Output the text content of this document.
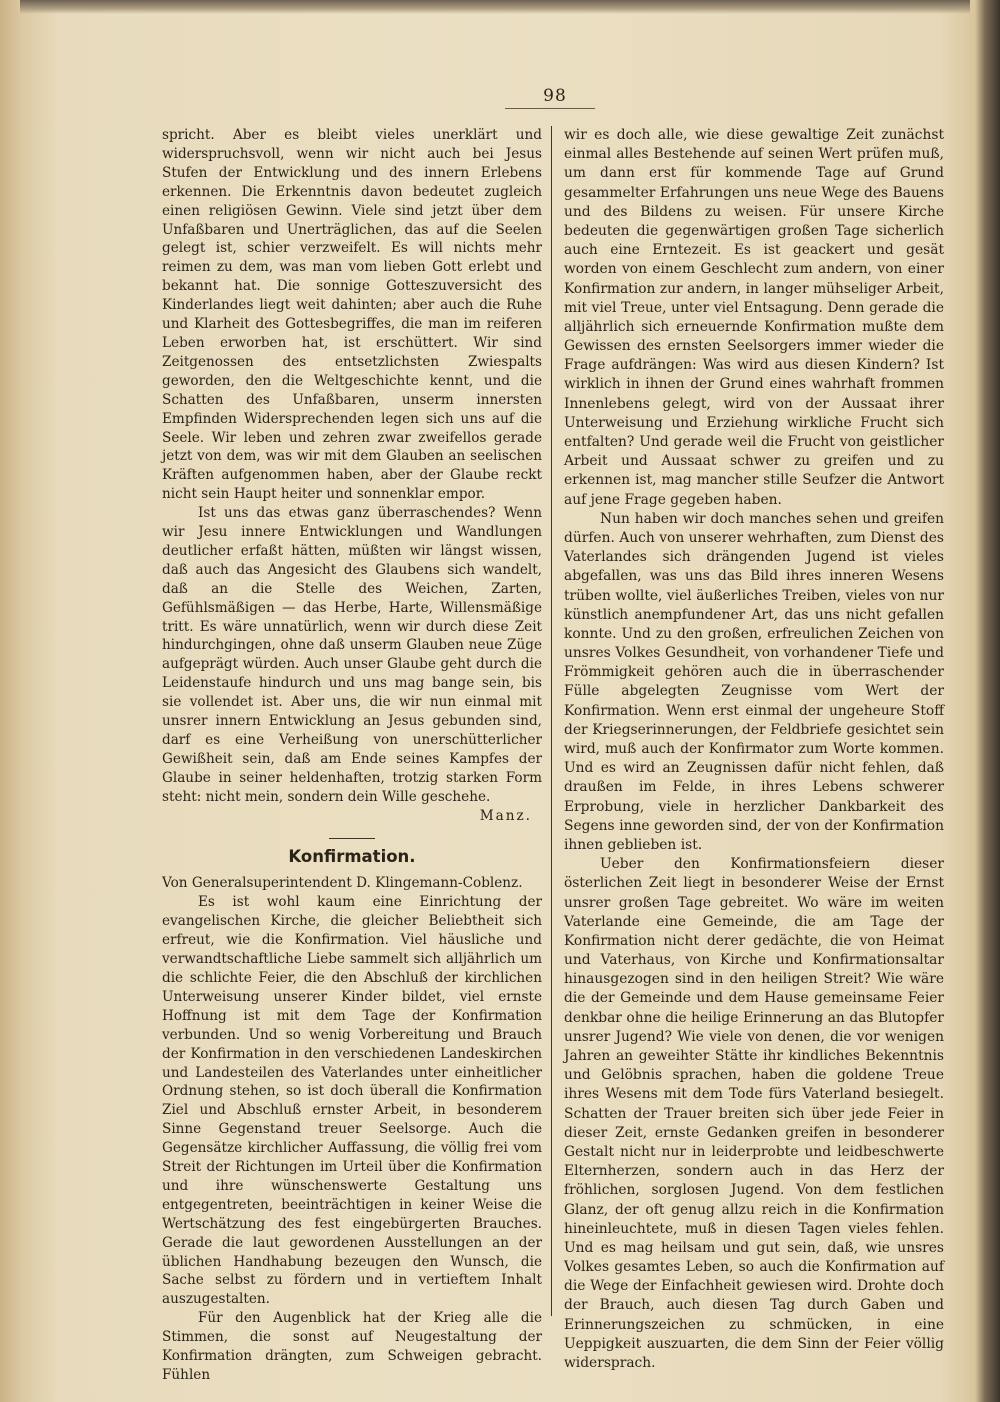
98

spricht. Aber es bleibt vieles unerklärt und widerspruchsvoll, wenn wir nicht auch bei Jesus Stufen der Entwicklung und des innern Erlebens erkennen. Die Erkenntnis davon bedeutet zugleich einen religiösen Gewinn. Viele sind jetzt über dem Unfaßbaren und Unerträglichen, das auf die Seelen gelegt ist, schier verzweifelt. Es will nichts mehr reimen zu dem, was man vom lieben Gott erlebt und bekannt hat. Die sonnige Gotteszuversicht des Kinderlandes liegt weit dahinten; aber auch die Ruhe und Klarheit des Gottesbegriffes, die man im reiferen Leben erworben hat, ist erschüttert. Wir sind Zeitgenossen des entsetzlichsten Zwiespalts geworden, den die Weltgeschichte kennt, und die Schatten des Unfaßbaren, unserm innersten Empfinden Widersprechenden legen sich uns auf die Seele. Wir leben und zehren zwar zweifellos gerade jetzt von dem, was wir mit dem Glauben an seelischen Kräften aufgenommen haben, aber der Glaube reckt nicht sein Haupt heiter und sonnenklar empor.

Ist uns das etwas ganz überraschendes? Wenn wir Jesu innere Entwicklungen und Wandlungen deutlicher erfaßt hätten, müßten wir längst wissen, daß auch das Angesicht des Glaubens sich wandelt, daß an die Stelle des Weichen, Zarten, Gefühlsmäßigen — das Herbe, Harte, Willensmäßige tritt. Es wäre unnatürlich, wenn wir durch diese Zeit hindurchgingen, ohne daß unserm Glauben neue Züge aufgeprägt würden. Auch unser Glaube geht durch die Leidenstaufe hindurch und uns mag bange sein, bis sie vollendet ist. Aber uns, die wir nun einmal mit unsrer innern Entwicklung an Jesus gebunden sind, darf es eine Verheißung von unerschütterlicher Gewißheit sein, daß am Ende seines Kampfes der Glaube in seiner heldenhaften, trotzig starken Form steht: nicht mein, sondern dein Wille geschehe.

Manz.
Konfirmation.

Von Generalsuperintendent D. Klingemann-Coblenz.

Es ist wohl kaum eine Einrichtung der evangelischen Kirche, die gleicher Beliebtheit sich erfreut, wie die Konfirmation. Viel häusliche und verwandtschaftliche Liebe sammelt sich alljährlich um die schlichte Feier, die den Abschluß der kirchlichen Unterweisung unserer Kinder bildet, viel ernste Hoffnung ist mit dem Tage der Konfirmation verbunden. Und so wenig Vorbereitung und Brauch der Konfirmation in den verschiedenen Landeskirchen und Landesteilen des Vaterlandes unter einheitlicher Ordnung stehen, so ist doch überall die Konfirmation Ziel und Abschluß ernster Arbeit, in besonderem Sinne Gegenstand treuer Seelsorge. Auch die Gegensätze kirchlicher Auffassung, die völlig frei vom Streit der Richtungen im Urteil über die Konfirmation und ihre wünschenswerte Gestaltung uns entgegentreten, beeinträchtigen in keiner Weise die Wertschätzung des fest eingebürgerten Brauches. Gerade die laut gewordenen Ausstellungen an der üblichen Handhabung bezeugen den Wunsch, die Sache selbst zu fördern und in vertieftem Inhalt auszugestalten.

Für den Augenblick hat der Krieg alle die Stimmen, die sonst auf Neugestaltung der Konfirmation drängten, zum Schweigen gebracht. Fühlen

wir es doch alle, wie diese gewaltige Zeit zunächst einmal alles Bestehende auf seinen Wert prüfen muß, um dann erst für kommende Tage auf Grund gesammelter Erfahrungen uns neue Wege des Bauens und des Bildens zu weisen. Für unsere Kirche bedeuten die gegenwärtigen großen Tage sicherlich auch eine Erntezeit. Es ist geackert und gesät worden von einem Geschlecht zum andern, von einer Konfirmation zur andern, in langer mühseliger Arbeit, mit viel Treue, unter viel Entsagung. Denn gerade die alljährlich sich erneuernde Konfirmation mußte dem Gewissen des ernsten Seelsorgers immer wieder die Frage aufdrängen: Was wird aus diesen Kindern? Ist wirklich in ihnen der Grund eines wahrhaft frommen Innenlebens gelegt, wird von der Aussaat ihrer Unterweisung und Erziehung wirkliche Frucht sich entfalten? Und gerade weil die Frucht von geistlicher Arbeit und Aussaat schwer zu greifen und zu erkennen ist, mag mancher stille Seufzer die Antwort auf jene Frage gegeben haben.

Nun haben wir doch manches sehen und greifen dürfen. Auch von unserer wehrhaften, zum Dienst des Vaterlandes sich drängenden Jugend ist vieles abgefallen, was uns das Bild ihres inneren Wesens trüben wollte, viel äußerliches Treiben, vieles von nur künstlich anempfundener Art, das uns nicht gefallen konnte. Und zu den großen, erfreulichen Zeichen von unsres Volkes Gesundheit, von vorhandener Tiefe und Frömmigkeit gehören auch die in überraschender Fülle abgelegten Zeugnisse vom Wert der Konfirmation. Wenn erst einmal der ungeheure Stoff der Kriegserinnerungen, der Feldbriefe gesichtet sein wird, muß auch der Konfirmator zum Worte kommen. Und es wird an Zeugnissen dafür nicht fehlen, daß draußen im Felde, in ihres Lebens schwerer Erprobung, viele in herzlicher Dankbarkeit des Segens inne geworden sind, der von der Konfirmation ihnen geblieben ist.

Ueber den Konfirmationsfeiern dieser österlichen Zeit liegt in besonderer Weise der Ernst unsrer großen Tage gebreitet. Wo wäre im weiten Vaterlande eine Gemeinde, die am Tage der Konfirmation nicht derer gedächte, die von Heimat und Vaterhaus, von Kirche und Konfirmationsaltar hinausgezogen sind in den heiligen Streit? Wie wäre die der Gemeinde und dem Hause gemeinsame Feier denkbar ohne die heilige Erinnerung an das Blutopfer unsrer Jugend? Wie viele von denen, die vor wenigen Jahren an geweihter Stätte ihr kindliches Bekenntnis und Gelöbnis sprachen, haben die goldene Treue ihres Wesens mit dem Tode fürs Vaterland besiegelt. Schatten der Trauer breiten sich über jede Feier in dieser Zeit, ernste Gedanken greifen in besonderer Gestalt nicht nur in leiderprobte und leidbeschwerte Elternherzen, sondern auch in das Herz der fröhlichen, sorglosen Jugend. Von dem festlichen Glanz, der oft genug allzu reich in die Konfirmation hineinleuchtete, muß in diesen Tagen vieles fehlen. Und es mag heilsam und gut sein, daß, wie unsres Volkes gesamtes Leben, so auch die Konfirmation auf die Wege der Einfachheit gewiesen wird. Drohte doch der Brauch, auch diesen Tag durch Gaben und Erinnerungszeichen zu schmücken, in eine Ueppigkeit auszuarten, die dem Sinn der Feier völlig widersprach.
